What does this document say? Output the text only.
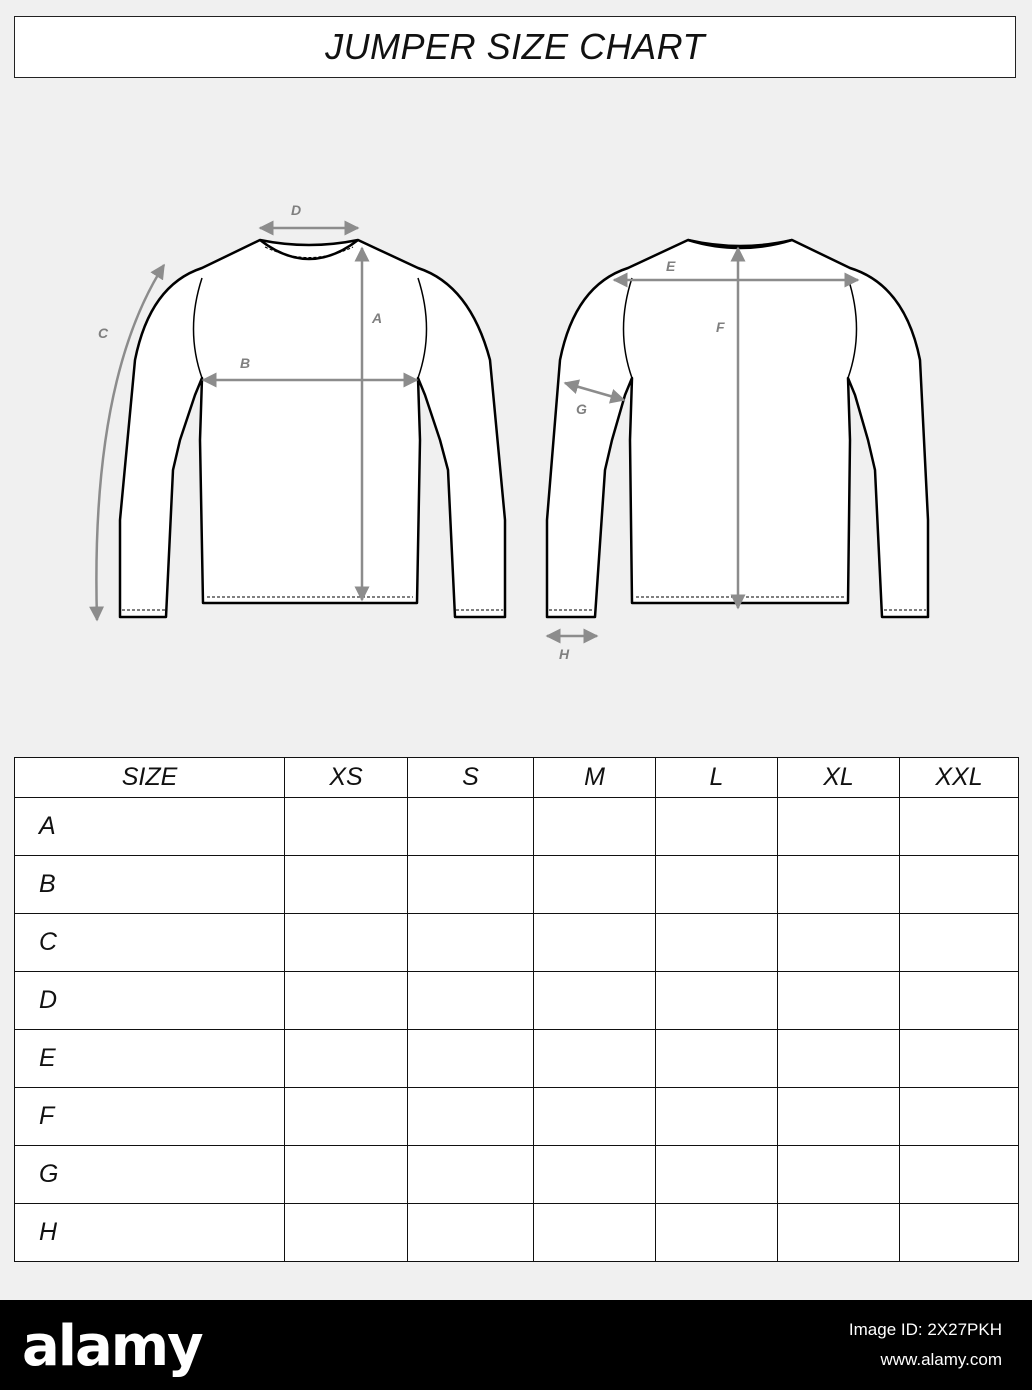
JUMPER SIZE CHART
D
A
B
C
E
F
G
H
SIZE	XS	S	M	L	XL	XXL
A						
B						
C						
D						
E						
F						
G						
H						
alamy	Image ID: 2X27PKH
www.alamy.com
